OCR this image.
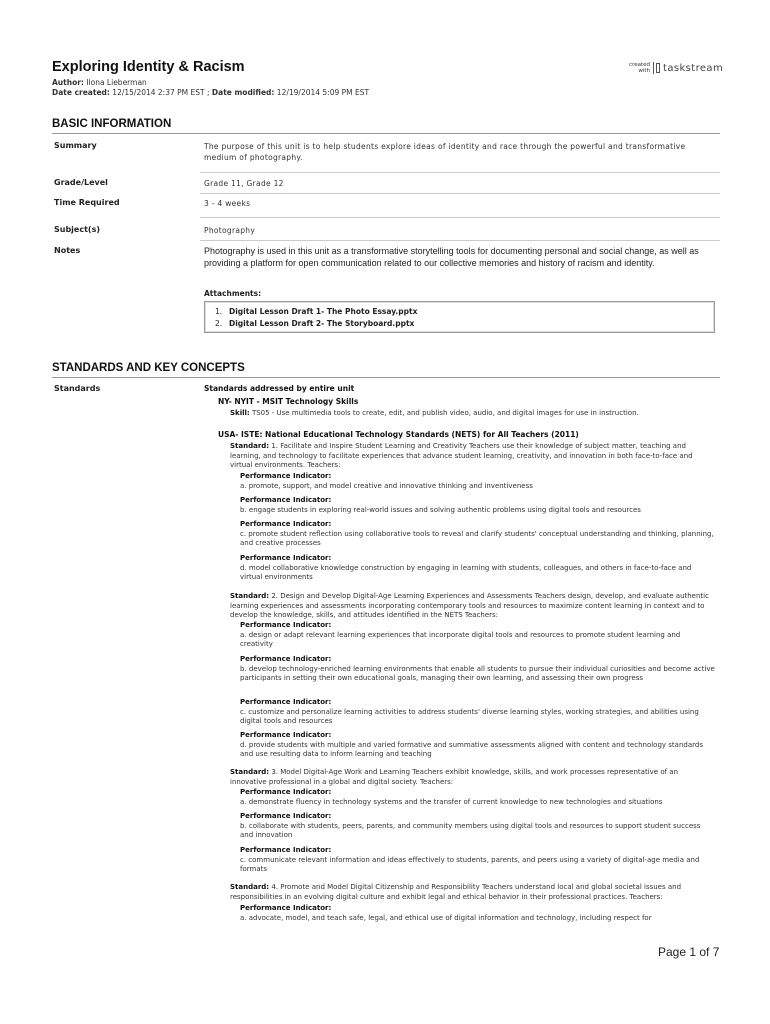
Exploring Identity & Racism
Author: Ilona Lieberman
Date created: 12/15/2014 2:37 PM EST ; Date modified: 12/19/2014 5:09 PM EST
created with taskstream
BASIC INFORMATION
Summary	The purpose of this unit is to help students explore ideas of identity and race through the powerful and transformative medium of photography.
Grade/Level	Grade 11, Grade 12
Time Required	3 - 4 weeks
Subject(s)	Photography
Notes	Photography is used in this unit as a transformative storytelling tools for documenting personal and social change, as well as providing a platform for open communication related to our collective memories and history of racism and identity.
Attachments:
1. Digital Lesson Draft 1- The Photo Essay.pptx
2. Digital Lesson Draft 2- The Storyboard.pptx
STANDARDS AND KEY CONCEPTS
Standards	Standards addressed by entire unit
NY- NYIT - MSIT Technology Skills
Skill: TS05 - Use multimedia tools to create, edit, and publish video, audio, and digital images for use in instruction.
USA- ISTE: National Educational Technology Standards (NETS) for All Teachers (2011)
Standard: 1. Facilitate and Inspire Student Learning and Creativity Teachers use their knowledge of subject matter, teaching and learning, and technology to facilitate experiences that advance student learning, creativity, and innovation in both face-to-face and virtual environments. Teachers:
Performance Indicator:
a. promote, support, and model creative and innovative thinking and inventiveness
Performance Indicator:
b. engage students in exploring real-world issues and solving authentic problems using digital tools and resources
Performance Indicator:
c. promote student reflection using collaborative tools to reveal and clarify students' conceptual understanding and thinking, planning, and creative processes
Performance Indicator:
d. model collaborative knowledge construction by engaging in learning with students, colleagues, and others in face-to-face and virtual environments
Standard: 2. Design and Develop Digital-Age Learning Experiences and Assessments Teachers design, develop, and evaluate authentic learning experiences and assessments incorporating contemporary tools and resources to maximize content learning in context and to develop the knowledge, skills, and attitudes identified in the NETS Teachers:
Performance Indicator:
a. design or adapt relevant learning experiences that incorporate digital tools and resources to promote student learning and creativity
Performance Indicator:
b. develop technology-enriched learning environments that enable all students to pursue their individual curiosities and become active participants in setting their own educational goals, managing their own learning, and assessing their own progress
Performance Indicator:
c. customize and personalize learning activities to address students' diverse learning styles, working strategies, and abilities using digital tools and resources
Performance Indicator:
d. provide students with multiple and varied formative and summative assessments aligned with content and technology standards and use resulting data to inform learning and teaching
Standard: 3. Model Digital-Age Work and Learning Teachers exhibit knowledge, skills, and work processes representative of an innovative professional in a global and digital society. Teachers:
Performance Indicator:
a. demonstrate fluency in technology systems and the transfer of current knowledge to new technologies and situations
Performance Indicator:
b. collaborate with students, peers, parents, and community members using digital tools and resources to support student success and innovation
Performance Indicator:
c. communicate relevant information and ideas effectively to students, parents, and peers using a variety of digital-age media and formats
Standard: 4. Promote and Model Digital Citizenship and Responsibility Teachers understand local and global societal issues and responsibilities in an evolving digital culture and exhibit legal and ethical behavior in their professional practices. Teachers:
Performance Indicator:
a. advocate, model, and teach safe, legal, and ethical use of digital information and technology, including respect for
Page 1 of 7
